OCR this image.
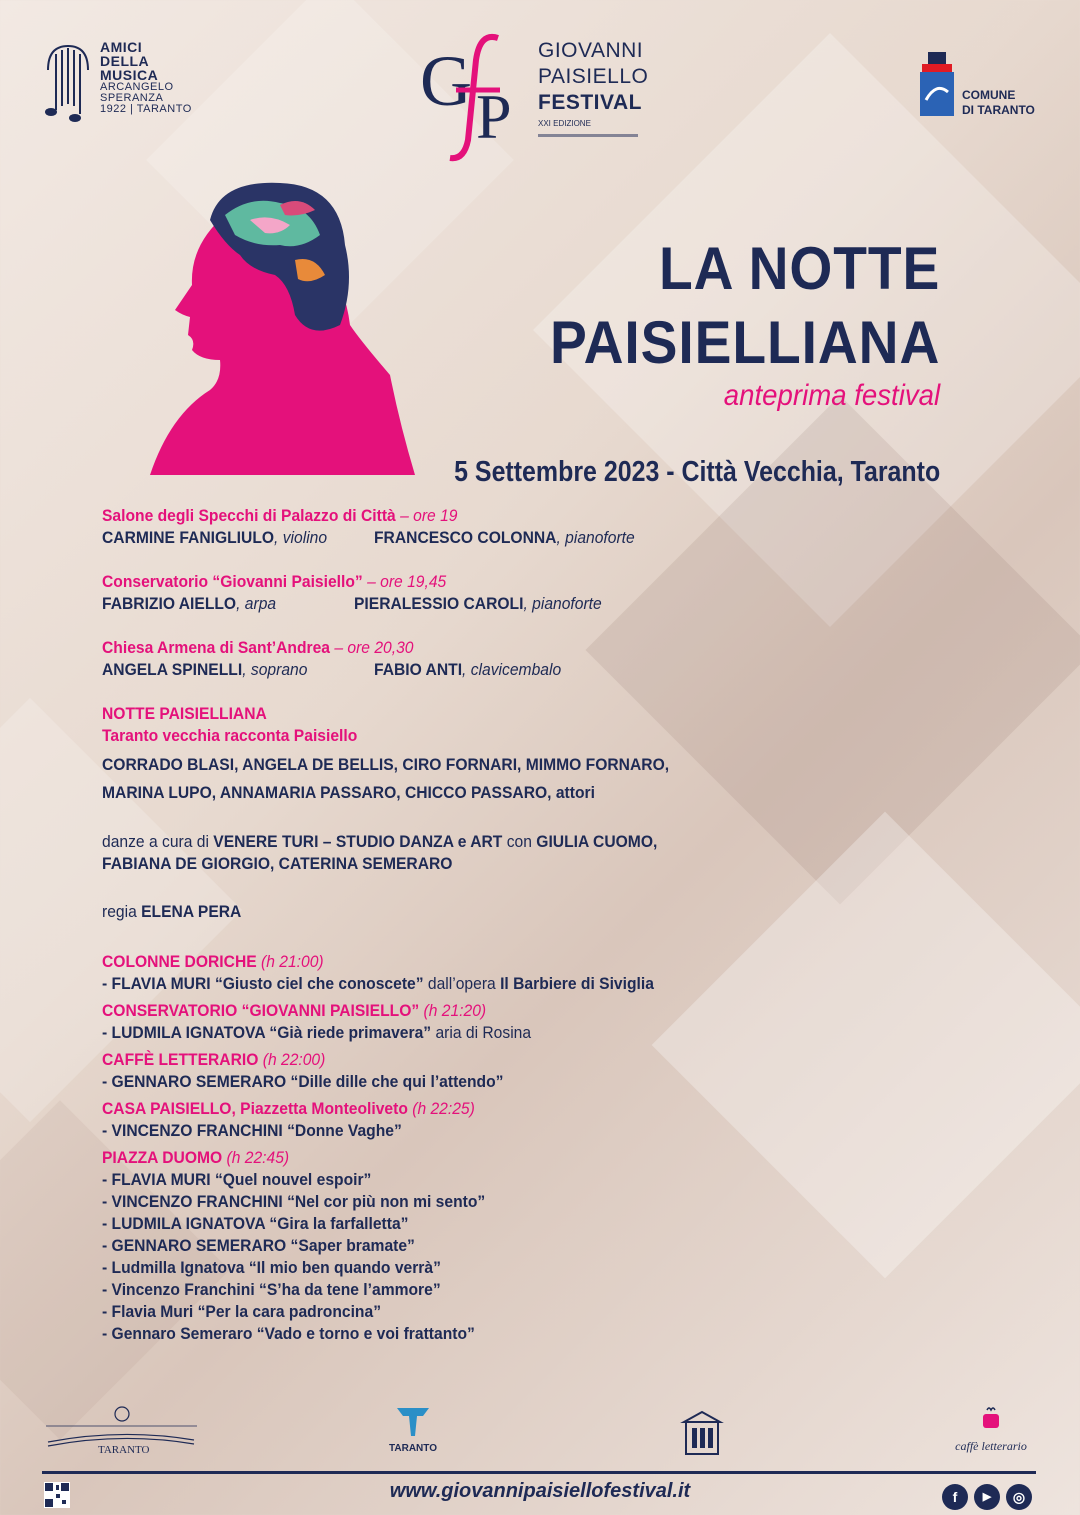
AMICI
DELLA
MUSICA
ARCANGELO
SPERANZA
1922 | TARANTO	G P
GIOVANNI
PAISIELLO
FESTIVAL
XXI EDIZIONE
COMUNE
DI TARANTO
LA NOTTE
PAISIELLIANA
anteprima festival
5 Settembre 2023 - Città Vecchia, Taranto
Salone degli Specchi di Palazzo di Città – ore 19
CARMINE FANIGLIULO, violino	FRANCESCO COLONNA, pianoforte
Conservatorio “Giovanni Paisiello” – ore 19,45
FABRIZIO AIELLO, arpa	PIERALESSIO CAROLI, pianoforte
Chiesa Armena di Sant’Andrea – ore 20,30
ANGELA SPINELLI, soprano	FABIO ANTI, clavicembalo
NOTTE PAISIELLIANA
Taranto vecchia racconta Paisiello CORRADO BLASI, ANGELA DE BELLIS, CIRO FORNARI, MIMMO FORNARO,
MARINA LUPO, ANNAMARIA PASSARO, CHICCO PASSARO, attori
danze a cura di VENERE TURI – STUDIO DANZA e ART con GIULIA CUOMO,
FABIANA DE GIORGIO, CATERINA SEMERARO
regia ELENA PERA
COLONNE DORICHE (h 21:00)
- FLAVIA MURI “Giusto ciel che conoscete” dall’opera Il Barbiere di Siviglia
CONSERVATORIO “GIOVANNI PAISIELLO” (h 21:20)
- LUDMILA IGNATOVA “Già riede primavera” aria di Rosina
CAFFÈ LETTERARIO (h 22:00)
- GENNARO SEMERARO “Dille dille che qui l’attendo”
CASA PAISIELLO, Piazzetta Monteoliveto (h 22:25)
- VINCENZO FRANCHINI “Donne Vaghe”
PIAZZA DUOMO (h 22:45)
- FLAVIA MURI “Quel nouvel espoir”
- VINCENZO FRANCHINI “Nel cor più non mi sento”
- LUDMILA IGNATOVA “Gira la farfalletta”
- GENNARO SEMERARO “Saper bramate”
- Ludmilla Ignatova “Il mio ben quando verrà”
- Vincenzo Franchini “S’ha da tene l’ammore”
- Flavia Muri “Per la cara padroncina”
- Gennaro Semeraro “Vado e torno e voi frattanto”
TARANTO	TARANTO	caffè letterario
www.giovannipaisiellofestival.it	f	▶	◎
